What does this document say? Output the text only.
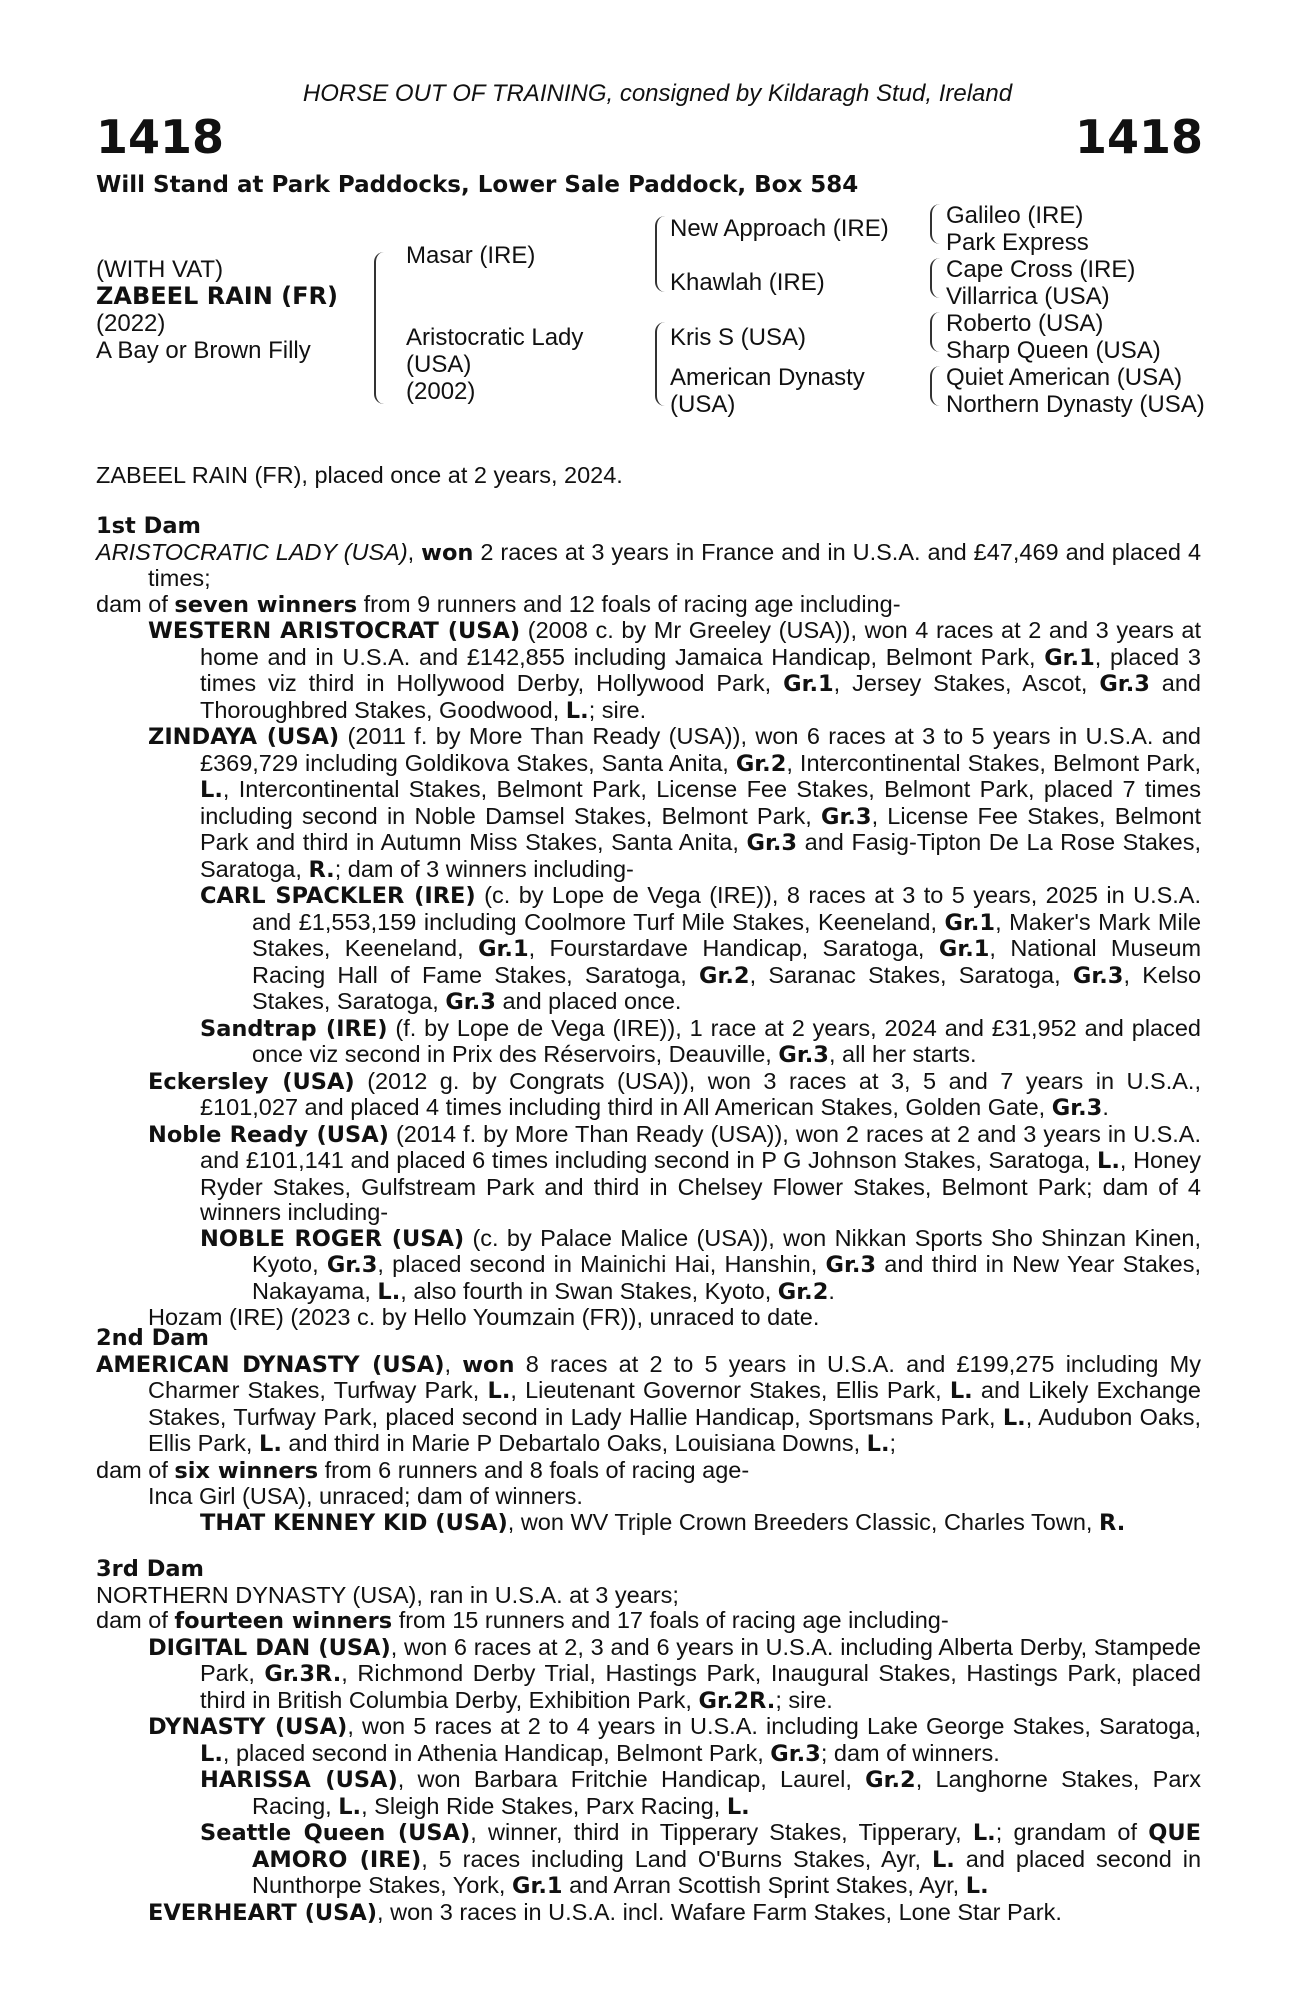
HORSE OUT OF TRAINING, consigned by Kildaragh Stud, Ireland
1418	1418
Will Stand at Park Paddocks, Lower Sale Paddock, Box 584
(WITH VAT)
ZABEEL RAIN (FR)
(2022)
A Bay or Brown Filly
Masar (IRE)
Aristocratic Lady
(USA)
(2002)
New Approach (IRE)
Khawlah (IRE)
Kris S (USA)
American Dynasty
(USA)
Galileo (IRE)
Park Express
Cape Cross (IRE)
Villarrica (USA)
Roberto (USA)
Sharp Queen (USA)
Quiet American (USA)
Northern Dynasty (USA)

ZABEEL RAIN (FR), placed once at 2 years, 2024.

1st Dam

ARISTOCRATIC LADY (USA), won 2 races at 3 years in France and in U.S.A. and £47,469 and placed 4 times;

dam of seven winners from 9 runners and 12 foals of racing age including-

WESTERN ARISTOCRAT (USA) (2008 c. by Mr Greeley (USA)), won 4 races at 2 and 3 years at home and in U.S.A. and £142,855 including Jamaica Handicap, Belmont Park, Gr.1, placed 3 times viz third in Hollywood Derby, Hollywood Park, Gr.1, Jersey Stakes, Ascot, Gr.3 and Thoroughbred Stakes, Goodwood, L.; sire.

ZINDAYA (USA) (2011 f. by More Than Ready (USA)), won 6 races at 3 to 5 years in U.S.A. and £369,729 including Goldikova Stakes, Santa Anita, Gr.2, Intercontinental Stakes, Belmont Park, L., Intercontinental Stakes, Belmont Park, License Fee Stakes, Belmont Park, placed 7 times including second in Noble Damsel Stakes, Belmont Park, Gr.3, License Fee Stakes, Belmont Park and third in Autumn Miss Stakes, Santa Anita, Gr.3 and Fasig-Tipton De La Rose Stakes, Saratoga, R.; dam of 3 winners including-

CARL SPACKLER (IRE) (c. by Lope de Vega (IRE)), 8 races at 3 to 5 years, 2025 in U.S.A. and £1,553,159 including Coolmore Turf Mile Stakes, Keeneland, Gr.1, Maker's Mark Mile Stakes, Keeneland, Gr.1, Fourstardave Handicap, Saratoga, Gr.1, National Museum Racing Hall of Fame Stakes, Saratoga, Gr.2, Saranac Stakes, Saratoga, Gr.3, Kelso Stakes, Saratoga, Gr.3 and placed once.

Sandtrap (IRE) (f. by Lope de Vega (IRE)), 1 race at 2 years, 2024 and £31,952 and placed once viz second in Prix des Réservoirs, Deauville, Gr.3, all her starts.

Eckersley (USA) (2012 g. by Congrats (USA)), won 3 races at 3, 5 and 7 years in U.S.A., £101,027 and placed 4 times including third in All American Stakes, Golden Gate, Gr.3.

Noble Ready (USA) (2014 f. by More Than Ready (USA)), won 2 races at 2 and 3 years in U.S.A. and £101,141 and placed 6 times including second in P G Johnson Stakes, Saratoga, L., Honey Ryder Stakes, Gulfstream Park and third in Chelsey Flower Stakes, Belmont Park; dam of 4 winners including-

NOBLE ROGER (USA) (c. by Palace Malice (USA)), won Nikkan Sports Sho Shinzan Kinen, Kyoto, Gr.3, placed second in Mainichi Hai, Hanshin, Gr.3 and third in New Year Stakes, Nakayama, L., also fourth in Swan Stakes, Kyoto, Gr.2.

Hozam (IRE) (2023 c. by Hello Youmzain (FR)), unraced to date.

2nd Dam

AMERICAN DYNASTY (USA), won 8 races at 2 to 5 years in U.S.A. and £199,275 including My Charmer Stakes, Turfway Park, L., Lieutenant Governor Stakes, Ellis Park, L. and Likely Exchange Stakes, Turfway Park, placed second in Lady Hallie Handicap, Sportsmans Park, L., Audubon Oaks, Ellis Park, L. and third in Marie P Debartalo Oaks, Louisiana Downs, L.;

dam of six winners from 6 runners and 8 foals of racing age-

Inca Girl (USA), unraced; dam of winners.

THAT KENNEY KID (USA), won WV Triple Crown Breeders Classic, Charles Town, R.

3rd Dam

NORTHERN DYNASTY (USA), ran in U.S.A. at 3 years;

dam of fourteen winners from 15 runners and 17 foals of racing age including-

DIGITAL DAN (USA), won 6 races at 2, 3 and 6 years in U.S.A. including Alberta Derby, Stampede Park, Gr.3R., Richmond Derby Trial, Hastings Park, Inaugural Stakes, Hastings Park, placed third in British Columbia Derby, Exhibition Park, Gr.2R.; sire.

DYNASTY (USA), won 5 races at 2 to 4 years in U.S.A. including Lake George Stakes, Saratoga, L., placed second in Athenia Handicap, Belmont Park, Gr.3; dam of winners.

HARISSA (USA), won Barbara Fritchie Handicap, Laurel, Gr.2, Langhorne Stakes, Parx Racing, L., Sleigh Ride Stakes, Parx Racing, L.

Seattle Queen (USA), winner, third in Tipperary Stakes, Tipperary, L.; grandam of QUE AMORO (IRE), 5 races including Land O'Burns Stakes, Ayr, L. and placed second in Nunthorpe Stakes, York, Gr.1 and Arran Scottish Sprint Stakes, Ayr, L.

EVERHEART (USA), won 3 races in U.S.A. incl. Wafare Farm Stakes, Lone Star Park.
